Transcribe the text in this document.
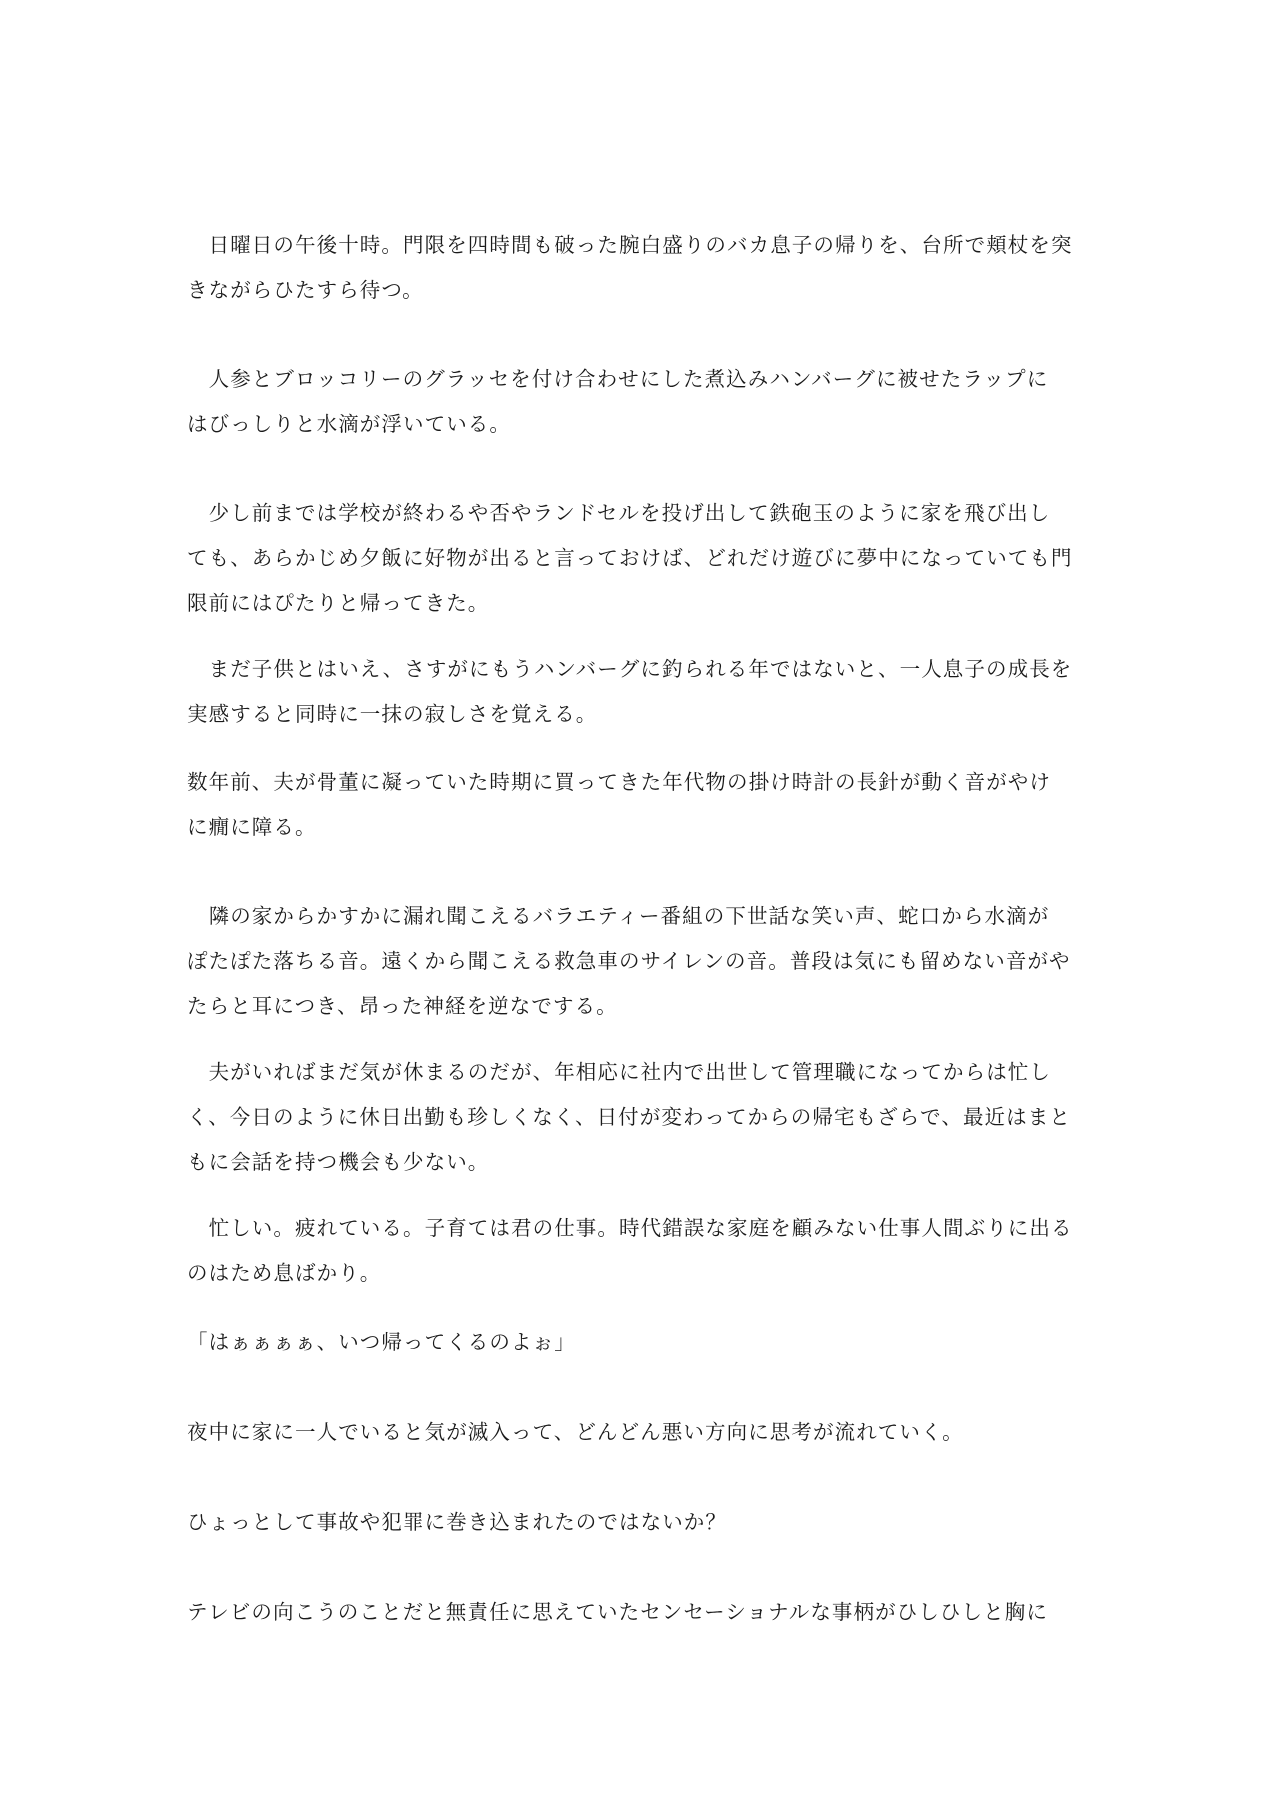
　日曜日の午後十時。門限を四時間も破った腕白盛りのバカ息子の帰りを、台所で頬杖を突
きながらひたすら待つ。
　人参とブロッコリーのグラッセを付け合わせにした煮込みハンバーグに被せたラップに
はびっしりと水滴が浮いている。
　少し前までは学校が終わるや否やランドセルを投げ出して鉄砲玉のように家を飛び出し
ても、あらかじめ夕飯に好物が出ると言っておけば、どれだけ遊びに夢中になっていても門
限前にはぴたりと帰ってきた。
　まだ子供とはいえ、さすがにもうハンバーグに釣られる年ではないと、一人息子の成長を
実感すると同時に一抹の寂しさを覚える。
数年前、夫が骨董に凝っていた時期に買ってきた年代物の掛け時計の長針が動く音がやけ
に癇に障る。
　隣の家からかすかに漏れ聞こえるバラエティー番組の下世話な笑い声、蛇口から水滴が
ぽたぽた落ちる音。遠くから聞こえる救急車のサイレンの音。普段は気にも留めない音がや
たらと耳につき、昂った神経を逆なでする。
　夫がいればまだ気が休まるのだが、年相応に社内で出世して管理職になってからは忙し
く、今日のように休日出勤も珍しくなく、日付が変わってからの帰宅もざらで、最近はまと
もに会話を持つ機会も少ない。
　忙しい。疲れている。子育ては君の仕事。時代錯誤な家庭を顧みない仕事人間ぶりに出る
のはため息ばかり。
「はぁぁぁぁ、いつ帰ってくるのよぉ」
夜中に家に一人でいると気が滅入って、どんどん悪い方向に思考が流れていく。
ひょっとして事故や犯罪に巻き込まれたのではないか？
テレビの向こうのことだと無責任に思えていたセンセーショナルな事柄がひしひしと胸に
